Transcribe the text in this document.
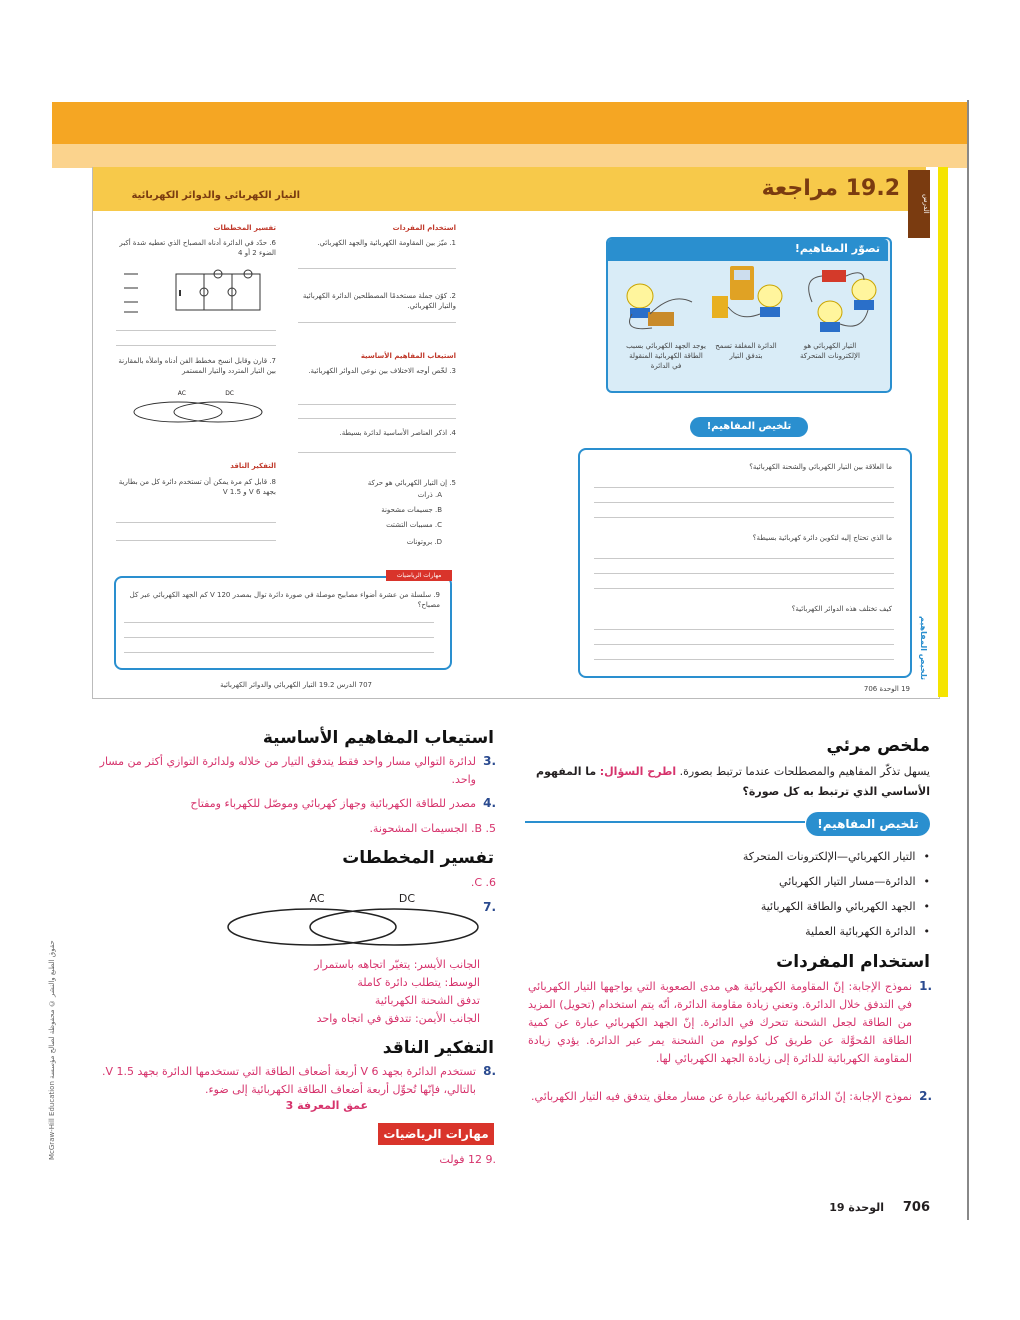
الدرس
19.2 مراجعة
تصوّر المفاهيم!
يوجد الجهد الكهربائي بسبب الطاقة الكهربائية المنقولة في الدائرة
الدائرة المغلقة تسمح بتدفق التيار
التيار الكهربائي هو الإلكترونات المتحركة
تلخيص المفاهيم!
ما العلاقة بين التيار الكهربائي والشحنة الكهربائية؟
ما الذي تحتاج إليه لتكوين دائرة كهربائية بسيطة؟
كيف تختلف هذه الدوائر الكهربائية؟
تلخيص المفاهيم
19 الوحدة 706
التيار الكهربائي والدوائر الكهربائية
استخدام المفردات
1. ميّز بين المقاومة الكهربائية والجهد الكهربائي.
2. كوّن جملة مستخدمًا المصطلحين الدائرة الكهربائية والتيار الكهربائي.
استيعاب المفاهيم الأساسية
3. لخّص أوجه الاختلاف بين نوعي الدوائر الكهربائية.
4. اذكر العناصر الأساسية لدائرة بسيطة.
5. إن التيار الكهربائي هو حركة
A. ذرات
B. جسيمات مشحونة
C. مسببات التشتت
D. بروتونات
تفسير المخططات
6. حدّد في الدائرة أدناه المصباح الذي تعطيه شدة أكبر الضوء 2 أو 4
7. قارن وقابل انسخ مخطط الفن أدناه واملأه بالمقارنة بين التيار المتردد والتيار المستمر
AC	DC
التفكير الناقد
8. قابل كم مرة يمكن أن تستخدم دائرة كل من بطارية بجهد 6 V و V 1.5
مهارات الرياضيات
9. سلسلة من عشرة أضواء مصابيح موصلة في صورة دائرة توال بمصدر 120 V كم الجهد الكهربائي عبر كل مصباح؟
707 الدرس 19.2 التيار الكهربائي والدوائر الكهربائية
ملخص مرئي
يسهل تذكّر المفاهيم والمصطلحات عندما ترتبط بصورة. اطرح السؤال: ما المفهوم الأساسي الذي ترتبط به كل صورة؟
تلخيص المفاهيم!
•
التيار الكهربائي—الإلكترونات المتحركة
•
الدائرة—مسار التيار الكهربائي
•
الجهد الكهربائي والطاقة الكهربائية
•
الدائرة الكهربائية العملية
استخدام المفردات
.1
نموذج الإجابة: إنّ المقاومة الكهربائية هي مدى الصعوبة التي يواجهها التيار الكهربائي في التدفق خلال الدائرة. وتعني زيادة مقاومة الدائرة، أنّه يتم استخدام (تحويل) المزيد من الطاقة لجعل الشحنة تتحرك في الدائرة. إنّ الجهد الكهربائي عبارة عن كمية الطاقة المُحوَّلة عن طريق كل كولوم من الشحنة يمر عبر الدائرة. يؤدي زيادة المقاومة الكهربائية للدائرة إلى زيادة الجهد الكهربائي لها.
.2
نموذج الإجابة: إنّ الدائرة الكهربائية عبارة عن مسار مغلق يتدفق فيه التيار الكهربائي.
706
الوحدة 19
استيعاب المفاهيم الأساسية
.3
لدائرة التوالي مسار واحد فقط يتدفق التيار من خلاله ولدائرة التوازي أكثر من مسار واحد.
.4
مصدر للطاقة الكهربائية وجهاز كهربائي وموصّل للكهرباء ومفتاح
B .5. الجسيمات المشحونة.
تفسير المخططات
C .6.
.7
AC	DC
الجانب الأيسر: يتغيّر اتجاهه باستمرار
الوسط: يتطلب دائرة كاملة
تدفق الشحنة الكهربائية
الجانب الأيمن: تتدفق في اتجاه واحد
التفكير الناقد
.8
تستخدم الدائرة بجهد V 6 أربعة أضعاف الطاقة التي تستخدمها الدائرة بجهد V 1.5. بالتالي، فإنّها تُحوِّل أربعة أضعاف الطاقة الكهربائية إلى ضوء.
عمق المعرفة 3
مهارات الرياضيات
.9 12 فولت
حقوق الطبع والنشر © محفوظة لصالح مؤسسة McGraw-Hill Education
